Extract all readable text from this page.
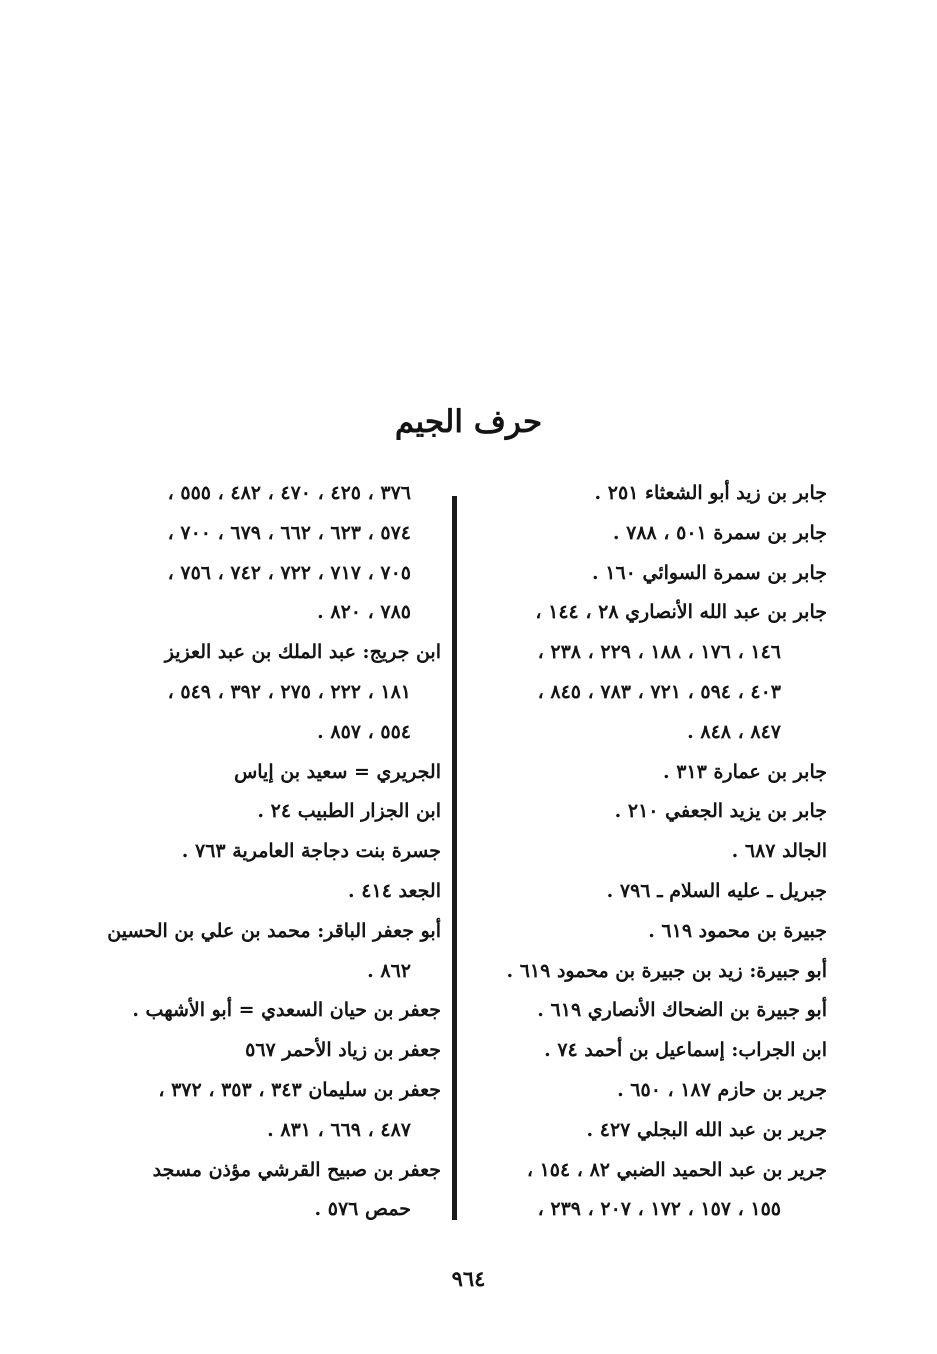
حرف الجيم
جابر بن زيد أبو الشعثاء ٢٥١ .
جابر بن سمرة ٥٠١ ، ٧٨٨ .
جابر بن سمرة السوائي ١٦٠ .
جابر بن عبد الله الأنصاري ٢٨ ، ١٤٤ ،
١٤٦ ، ١٧٦ ، ١٨٨ ، ٢٢٩ ، ٢٣٨ ،
٤٠٣ ، ٥٩٤ ، ٧٢١ ، ٧٨٣ ، ٨٤٥ ،
٨٤٧ ، ٨٤٨ .
جابر بن عمارة ٣١٣ .
جابر بن يزيد الجعفي ٢١٠ .
الجالد ٦٨٧ .
جبريل ـ عليه السلام ـ ٧٩٦ .
جبيرة بن محمود ٦١٩ .
أبو جبيرة: زيد بن جبيرة بن محمود ٦١٩ .
أبو جبيرة بن الضحاك الأنصاري ٦١٩ .
ابن الجراب: إسماعيل بن أحمد ٧٤ .
جرير بن حازم ١٨٧ ، ٦٥٠ .
جرير بن عبد الله البجلي ٤٢٧ .
جرير بن عبد الحميد الضبي ٨٢ ، ١٥٤ ،
١٥٥ ، ١٥٧ ، ١٧٢ ، ٢٠٧ ، ٢٣٩ ،
٣٧٦ ، ٤٢٥ ، ٤٧٠ ، ٤٨٢ ، ٥٥٥ ،
٥٧٤ ، ٦٢٣ ، ٦٦٢ ، ٦٧٩ ، ٧٠٠ ،
٧٠٥ ، ٧١٧ ، ٧٢٢ ، ٧٤٢ ، ٧٥٦ ،
٧٨٥ ، ٨٢٠ .
ابن جريج: عبد الملك بن عبد العزيز
١٨١ ، ٢٢٢ ، ٢٧٥ ، ٣٩٢ ، ٥٤٩ ،
٥٥٤ ، ٨٥٧ .
الجريري = سعيد بن إياس
ابن الجزار الطبيب ٢٤ .
جسرة بنت دجاجة العامرية ٧٦٣ .
الجعد ٤١٤ .
أبو جعفر الباقر: محمد بن علي بن الحسين
٨٦٢ .
جعفر بن حيان السعدي = أبو الأشهب .
جعفر بن زياد الأحمر ٥٦٧
جعفر بن سليمان ٣٤٣ ، ٣٥٣ ، ٣٧٢ ،
٤٨٧ ، ٦٦٩ ، ٨٣١ .
جعفر بن صبيح القرشي مؤذن مسجد
حمص ٥٧٦ .
٩٦٤
